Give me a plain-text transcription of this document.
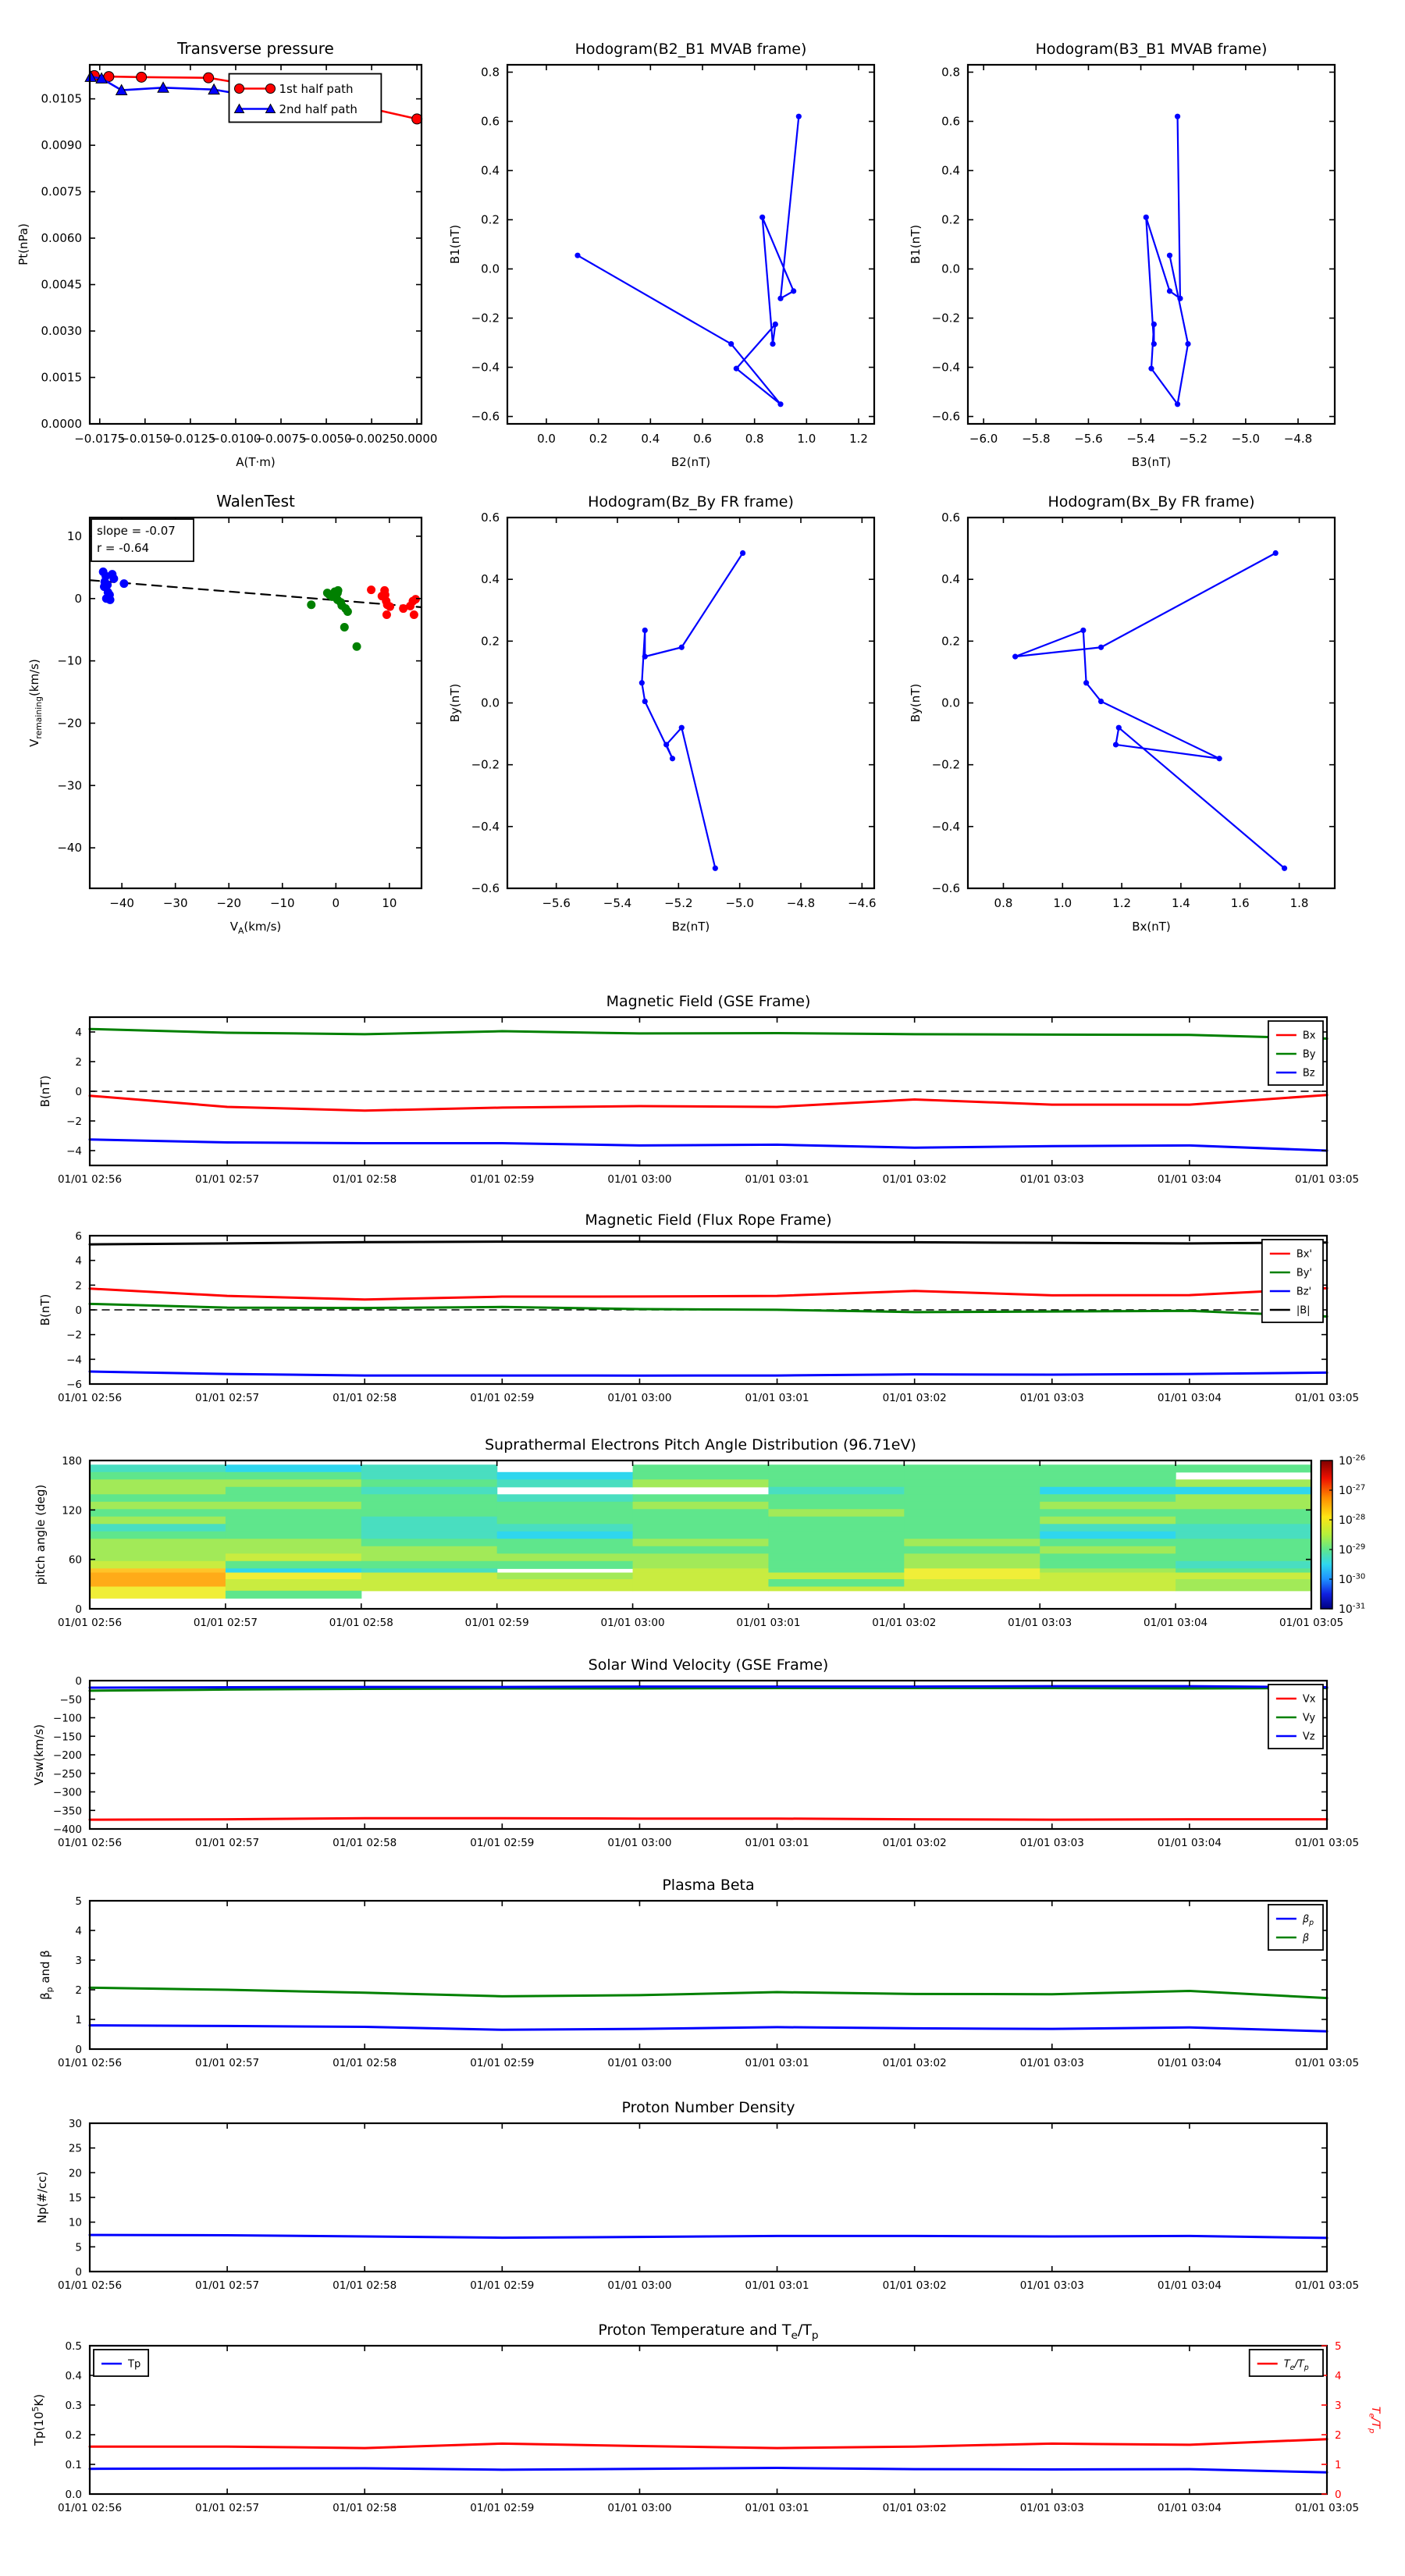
Transverse pressure
−0.0175
−0.0150
−0.0125
−0.0100
−0.0075
−0.0050
−0.0025 0.0000
0.0000
0.0015
0.0030
0.0045
0.0060
0.0075
0.0090
0.0105
A(T·m)
Pt(nPa)
1st half path
2nd half path
Hodogram(B2_B1 MVAB frame)
0.0	0.2	0.4	0.6	0.8	1.0	1.2
−0.6
−0.4
−0.2
0.0
0.2
0.4
0.6
0.8
B2(nT)
B1(nT)
Hodogram(B3_B1 MVAB frame)
−6.0 −5.8 −5.6 −5.4 −5.2 −5.0 −4.8
−0.6
−0.4
−0.2
0.0
0.2
0.4
0.6
0.8
B3(nT)
B1(nT)
WalenTest
−40 −30 −20 −10	0	10
−40
−30
−20
−10
0
10
$V_A(km/s)$
$V_{remaining}(km/s)$
slope = -0.07
r = -0.64
Hodogram(Bz_By FR frame)
−5.6	−5.4	−5.2	−5.0	−4.8	−4.6
−0.6
−0.4
−0.2
0.0
0.2
0.4
0.6
Bz(nT)
By(nT)
Hodogram(Bx_By FR frame)
0.8	1.0	1.2	1.4	1.6	1.8
−0.6
−0.4
−0.2
0.0
0.2
0.4
0.6
Bx(nT)
By(nT)
Magnetic Field (GSE Frame)
01/01 02:56	01/01 02:57	01/01 02:58	01/01 02:59	01/01 03:00	01/01 03:01	01/01 03:02	01/01 03:03	01/01 03:04	01/01 03:05
−4
−2
0
2
4
B(nT)
Bx
By
Bz
Magnetic Field (Flux Rope Frame)
01/01 02:56	01/01 02:57	01/01 02:58	01/01 02:59	01/01 03:00	01/01 03:01	01/01 03:02	01/01 03:03	01/01 03:04	01/01 03:05
−6
−4
−2
0
2
4
6
B(nT)
Bx'
By'
Bz'
|B|
Suprathermal Electrons Pitch Angle Distribution (96.71eV)
01/01 02:56	01/01 02:57	01/01 02:58	01/01 02:59	01/01 03:00	01/01 03:01	01/01 03:02	01/01 03:03	01/01 03:04	01/01 03:05
0
60
120
180
pitch angle (deg)
$10^{-26}$
$10^{-27}$
$10^{-28}$
$10^{-29}$
$10^{-30}$
$10^{-31}$
Solar Wind Velocity (GSE Frame)
01/01 02:56	01/01 02:57	01/01 02:58	01/01 02:59	01/01 03:00	01/01 03:01	01/01 03:02	01/01 03:03	01/01 03:04	01/01 03:05
−400
−350
−300
−250
−200
−150
−100
−50
0
Vsw(km/s)
Vx
Vy
Vz
Plasma Beta
01/01 02:56	01/01 02:57	01/01 02:58	01/01 02:59	01/01 03:00	01/01 03:01	01/01 03:02	01/01 03:03	01/01 03:04	01/01 03:05
0
1
2
3
4
5
$\beta_p$ and β
$\beta_p$
β
Proton Number Density
01/01 02:56	01/01 02:57	01/01 02:58	01/01 02:59	01/01 03:00	01/01 03:01	01/01 03:02	01/01 03:03	01/01 03:04	01/01 03:05
0
5
10
15
20
25
30
Np(#/cc)
Proton Temperature and $T_e/T_p$
01/01 02:56	01/01 02:57	01/01 02:58	01/01 02:59	01/01 03:00	01/01 03:01	01/01 03:02	01/01 03:03	01/01 03:04	01/01 03:05
0.0
0.1
0.2
0.3
0.4
0.5
0
1
2
3
4
5
$T_e/T_p$
$Tp(10^5K)$
Tp	$T_e/T_p$
